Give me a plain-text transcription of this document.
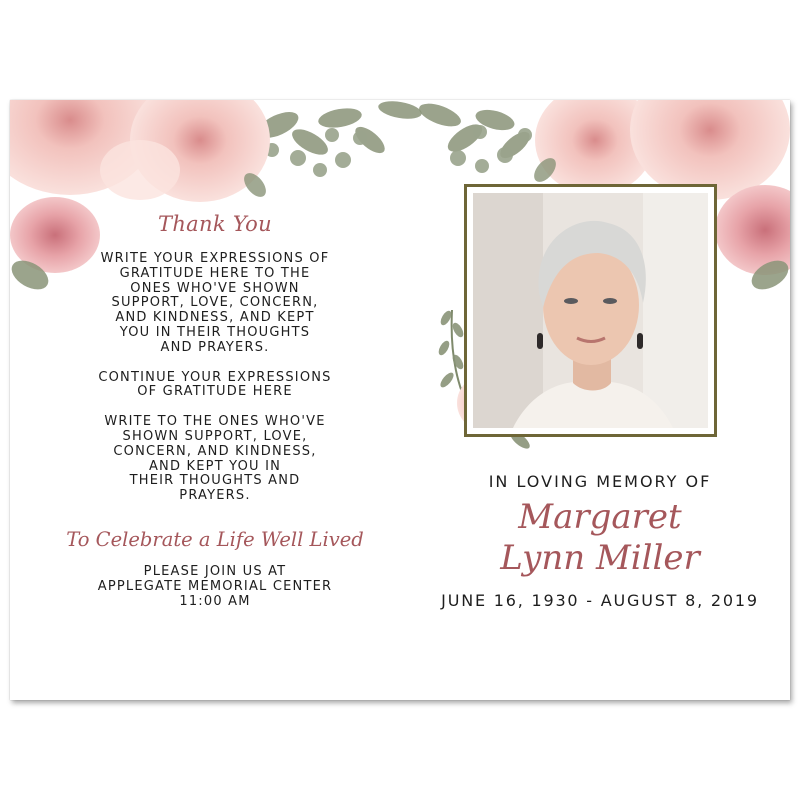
Thank You

WRITE YOUR EXPRESSIONS OF
GRATITUDE HERE TO THE
ONES WHO'VE SHOWN
SUPPORT, LOVE, CONCERN,
AND KINDNESS, AND KEPT
YOU IN THEIR THOUGHTS
AND PRAYERS.

CONTINUE YOUR EXPRESSIONS
OF GRATITUDE HERE

WRITE TO THE ONES WHO'VE
SHOWN SUPPORT, LOVE,
CONCERN, AND KINDNESS,
AND KEPT YOU IN
THEIR THOUGHTS AND
PRAYERS.

To Celebrate a Life Well Lived

PLEASE JOIN US AT
APPLEGATE MEMORIAL CENTER
11:00 AM

IN LOVING MEMORY OF
Margaret
Lynn Miller
JUNE 16, 1930 - AUGUST 8, 2019
